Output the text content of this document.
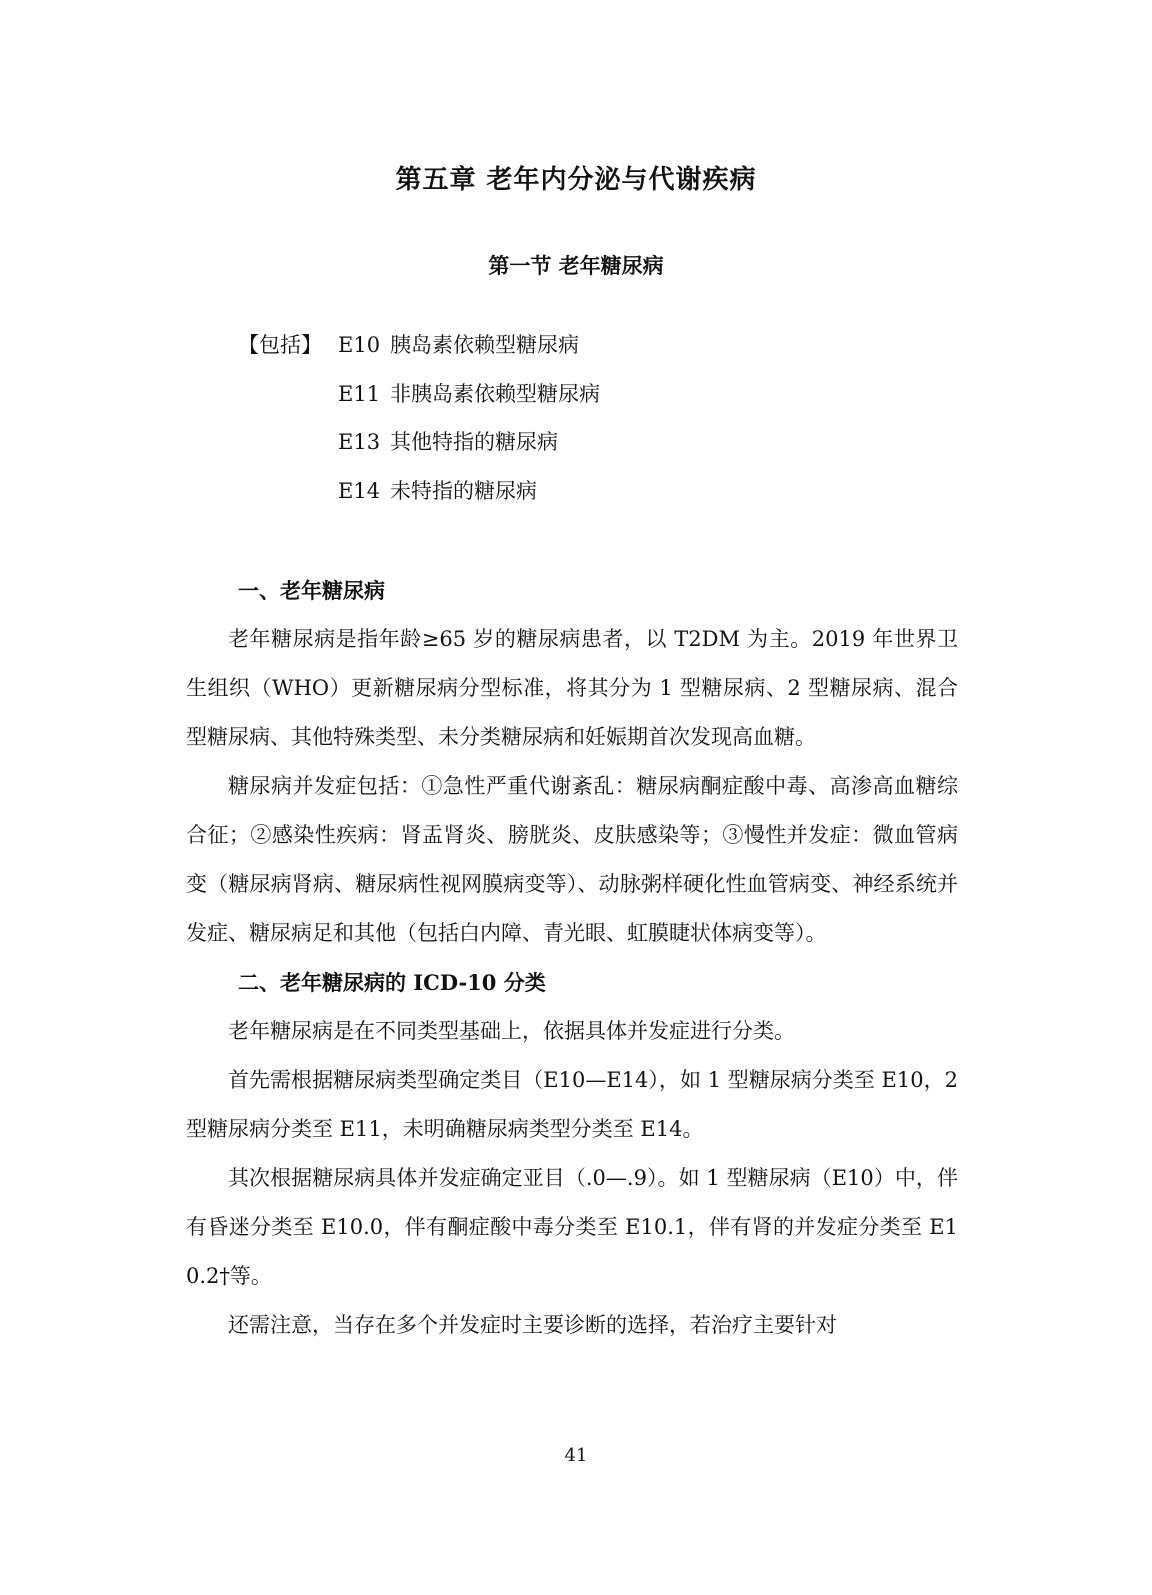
第五章 老年内分泌与代谢疾病
第一节 老年糖尿病
【包括】 E10 胰岛素依赖型糖尿病
E11 非胰岛素依赖型糖尿病
E13 其他特指的糖尿病
E14 未特指的糖尿病
一、老年糖尿病

老年糖尿病是指年龄≥65 岁的糖尿病患者，以 T2DM 为主。2019 年世界卫生组织（WHO）更新糖尿病分型标准，将其分为 1 型糖尿病、2 型糖尿病、混合型糖尿病、其他特殊类型、未分类糖尿病和妊娠期首次发现高血糖。

糖尿病并发症包括：①急性严重代谢紊乱：糖尿病酮症酸中毒、高渗高血糖综合征；②感染性疾病：肾盂肾炎、膀胱炎、皮肤感染等；③慢性并发症：微血管病变（糖尿病肾病、糖尿病性视网膜病变等）、动脉粥样硬化性血管病变、神经系统并发症、糖尿病足和其他（包括白内障、青光眼、虹膜睫状体病变等）。

二、老年糖尿病的 ICD-10 分类

老年糖尿病是在不同类型基础上，依据具体并发症进行分类。

首先需根据糖尿病类型确定类目（E10—E14），如 1 型糖尿病分类至 E10，2 型糖尿病分类至 E11，未明确糖尿病类型分类至 E14。

其次根据糖尿病具体并发症确定亚目（.0—.9）。如 1 型糖尿病（E10）中，伴有昏迷分类至 E10.0，伴有酮症酸中毒分类至 E10.1，伴有肾的并发症分类至 E10.2†等。

还需注意，当存在多个并发症时主要诊断的选择，若治疗主要针对

41
